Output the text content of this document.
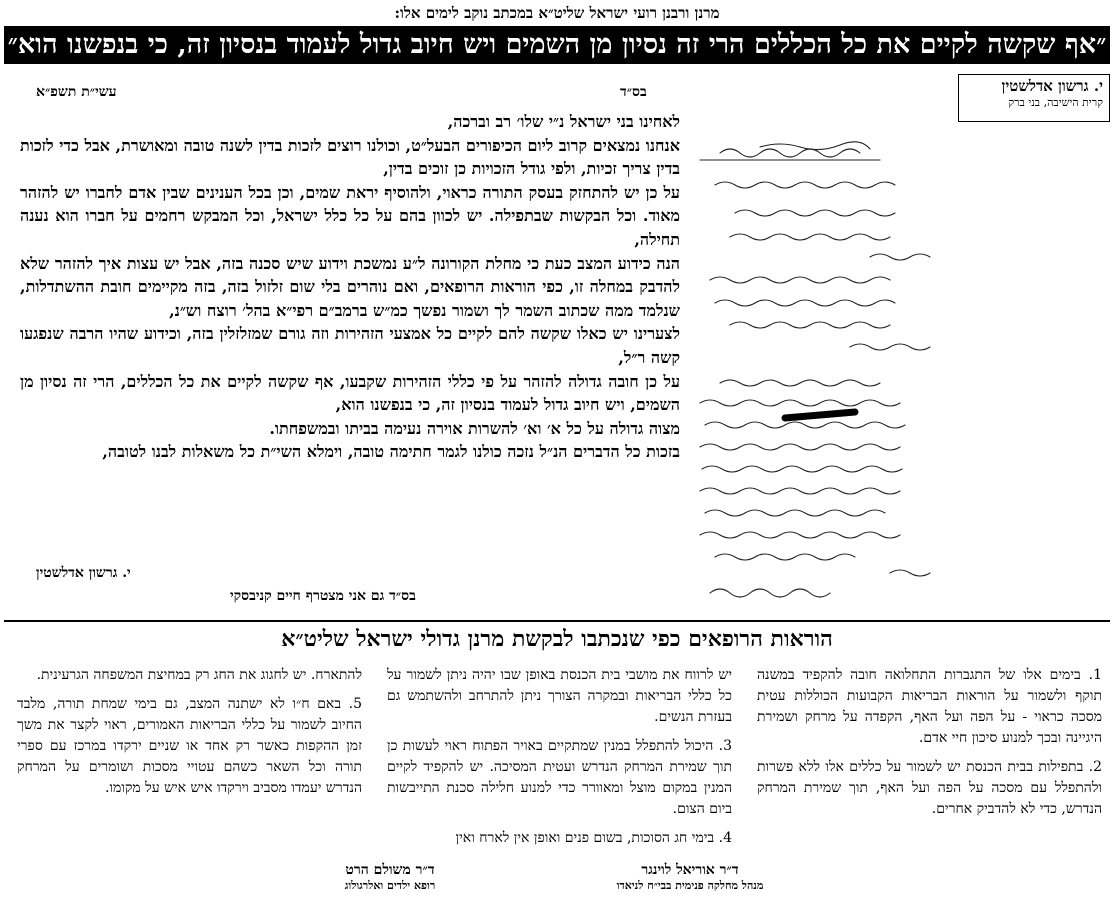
מרנן ורבנן רועי ישראל שליט״א במכתב נוקב לימים אלו:
״אף שקשה לקיים את כל הכללים הרי זה נסיון מן השמים ויש חיוב גדול לעמוד בנסיון זה, כי בנפשנו הוא״
י. גרשון אדלשטין
קרית הישיבה, בני ברק
בס״ד
עשי״ת תשפ״א

לאחינו בני ישראל נ״י שלו׳ רב וברכה,

אנחנו נמצאים קרוב ליום הכיפורים הבעל״ט, וכולנו רוצים לזכות בדין לשנה טובה ומאושרת, אבל כדי לזכות בדין צריך זכיות, ולפי גודל הזכויות כן זוכים בדין,

על כן יש להתחזק בעסק התורה כראוי, ולהוסיף יראת שמים, וכן בכל הענינים שבין אדם לחברו יש להזהר מאוד. וכל הבקשות שבתפילה. יש לכוון בהם על כל כלל ישראל, וכל המבקש רחמים על חברו הוא נענה תחילה,

הנה כידוע המצב כעת כי מחלת הקורונה ל״ע נמשכת וידוע שיש סכנה בזה, אבל יש עצות איך להזהר שלא להדבק במחלה זו, כפי הוראות הרופאים, ואם נוהרים בלי שום זלזול בזה, בזה מקיימים חובת ההשתדלות, שנלמד ממה שכתוב השמר לך ושמור נפשך כמ״ש ברמב״ם רפי״א בהל׳ רוצח וש״נ,

לצערינו יש כאלו שקשה להם לקיים כל אמצעי הזהירות וזה גורם שמזלזלין בזה, וכידוע שהיו הרבה שנפגעו קשה ר״ל,

על כן חובה גדולה להזהר על פי כללי הזהירות שקבעו, אף שקשה לקיים את כל הכללים, הרי זה נסיון מן השמים, ויש חיוב גדול לעמוד בנסיון זה, כי בנפשנו הוא,

מצוה גדולה על כל א׳ וא׳ להשרות אוירה נעימה בביתו ובמשפחתו.

בזכות כל הדברים הנ״ל נזכה כולנו לגמר חתימה טובה, וימלא השי״ת כל משאלות לבנו לטובה,

י. גרשון אדלשטין
בס״ד גם אני מצטרף חיים קניבסקי
הוראות הרופאים כפי שנכתבו לבקשת מרנן גדולי ישראל שליט״א

1. בימים אלו של התגברות התחלואה חובה להקפיד במשנה תוקף ולשמור על הוראות הבריאות הקבועות הכוללות עטית מסכה כראוי - על הפה ועל האף, הקפדה על מרחק ושמירת היגיינה ובכך למנוע סיכון חיי אדם.

2. בתפילות בבית הכנסת יש לשמור על כללים אלו ללא פשרות ולהתפלל עם מסכה על הפה ועל האף, תוך שמירת המרחק הנדרש, כדי לא להדביק אחרים.

יש לרווח את מושבי בית הכנסת באופן שבו יהיה ניתן לשמור על כל כללי הבריאות ובמקרה הצורך ניתן להתרחב ולהשתמש גם בעזרת הנשים.

3. היכול להתפלל במנין שמתקיים באויר הפתוח ראוי לעשות כן תוך שמירת המרחק הנדרש ועטית המסיכה. יש להקפיד לקיים המנין במקום מוצל ומאוורר כדי למנוע חלילה סכנת התייבשות ביום הצום.

4. בימי חג הסוכות, בשום פנים ואופן אין לארח ואין

להתארח. יש לחגוג את החג רק במחיצת המשפחה הגרעינית.

5. באם ח״ו לא ישתנה המצב, גם בימי שמחת תורה, מלבד החיוב לשמור על כללי הבריאות האמורים, ראוי לקצר את משך זמן ההקפות כאשר רק אחד או שניים ירקדו במרכז עם ספרי תורה וכל השאר כשהם עטויי מסכות ושומרים על המרחק הנדרש יעמדו מסביב וירקדו איש איש על מקומו.

ד״ר אוריאל לוינגר
מנהל מחלקה פנימית בבי״ח לניאדו
ד״ר משולם הרט
רופא ילדים ואלרגולוג
